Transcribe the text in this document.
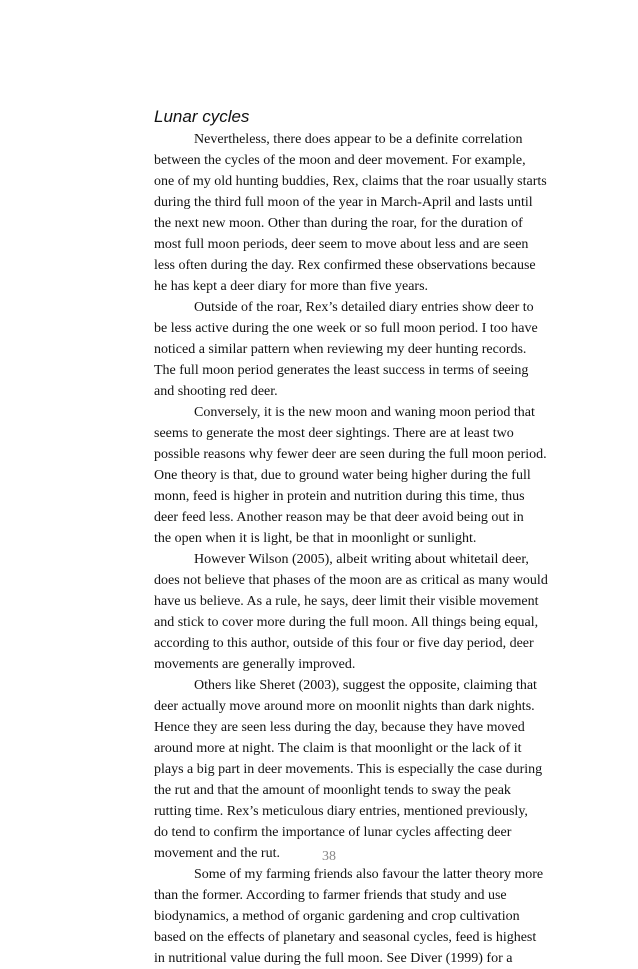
Lunar cycles
Nevertheless, there does appear to be a definite correlation
between the cycles of the moon and deer movement. For example,
one of my old hunting buddies, Rex, claims that the roar usually starts
during the third full moon of the year in March-April and lasts until
the next new moon. Other than during the roar, for the duration of
most full moon periods, deer seem to move about less and are seen
less often during the day. Rex confirmed these observations because
he has kept a deer diary for more than five years.
Outside of the roar, Rex’s detailed diary entries show deer to
be less active during the one week or so full moon period. I too have
noticed a similar pattern when reviewing my deer hunting records.
The full moon period generates the least success in terms of seeing
and shooting red deer.
Conversely, it is the new moon and waning moon period that
seems to generate the most deer sightings. There are at least two
possible reasons why fewer deer are seen during the full moon period.
One theory is that, due to ground water being higher during the full
monn, feed is higher in protein and nutrition during this time, thus
deer feed less. Another reason may be that deer avoid being out in
the open when it is light, be that in moonlight or sunlight.
However Wilson (2005), albeit writing about whitetail deer,
does not believe that phases of the moon are as critical as many would
have us believe. As a rule, he says, deer limit their visible movement
and stick to cover more during the full moon. All things being equal,
according to this author, outside of this four or five day period, deer
movements are generally improved.
Others like Sheret (2003), suggest the opposite, claiming that
deer actually move around more on moonlit nights than dark nights.
Hence they are seen less during the day, because they have moved
around more at night. The claim is that moonlight or the lack of it
plays a big part in deer movements. This is especially the case during
the rut and that the amount of moonlight tends to sway the peak
rutting time. Rex’s meticulous diary entries, mentioned previously,
do tend to confirm the importance of lunar cycles affecting deer
movement and the rut.
Some of my farming friends also favour the latter theory more
than the former. According to farmer friends that study and use
biodynamics, a method of organic gardening and crop cultivation
based on the effects of planetary and seasonal cycles, feed is highest
in nutritional value during the full moon. See Diver (1999) for a
38
